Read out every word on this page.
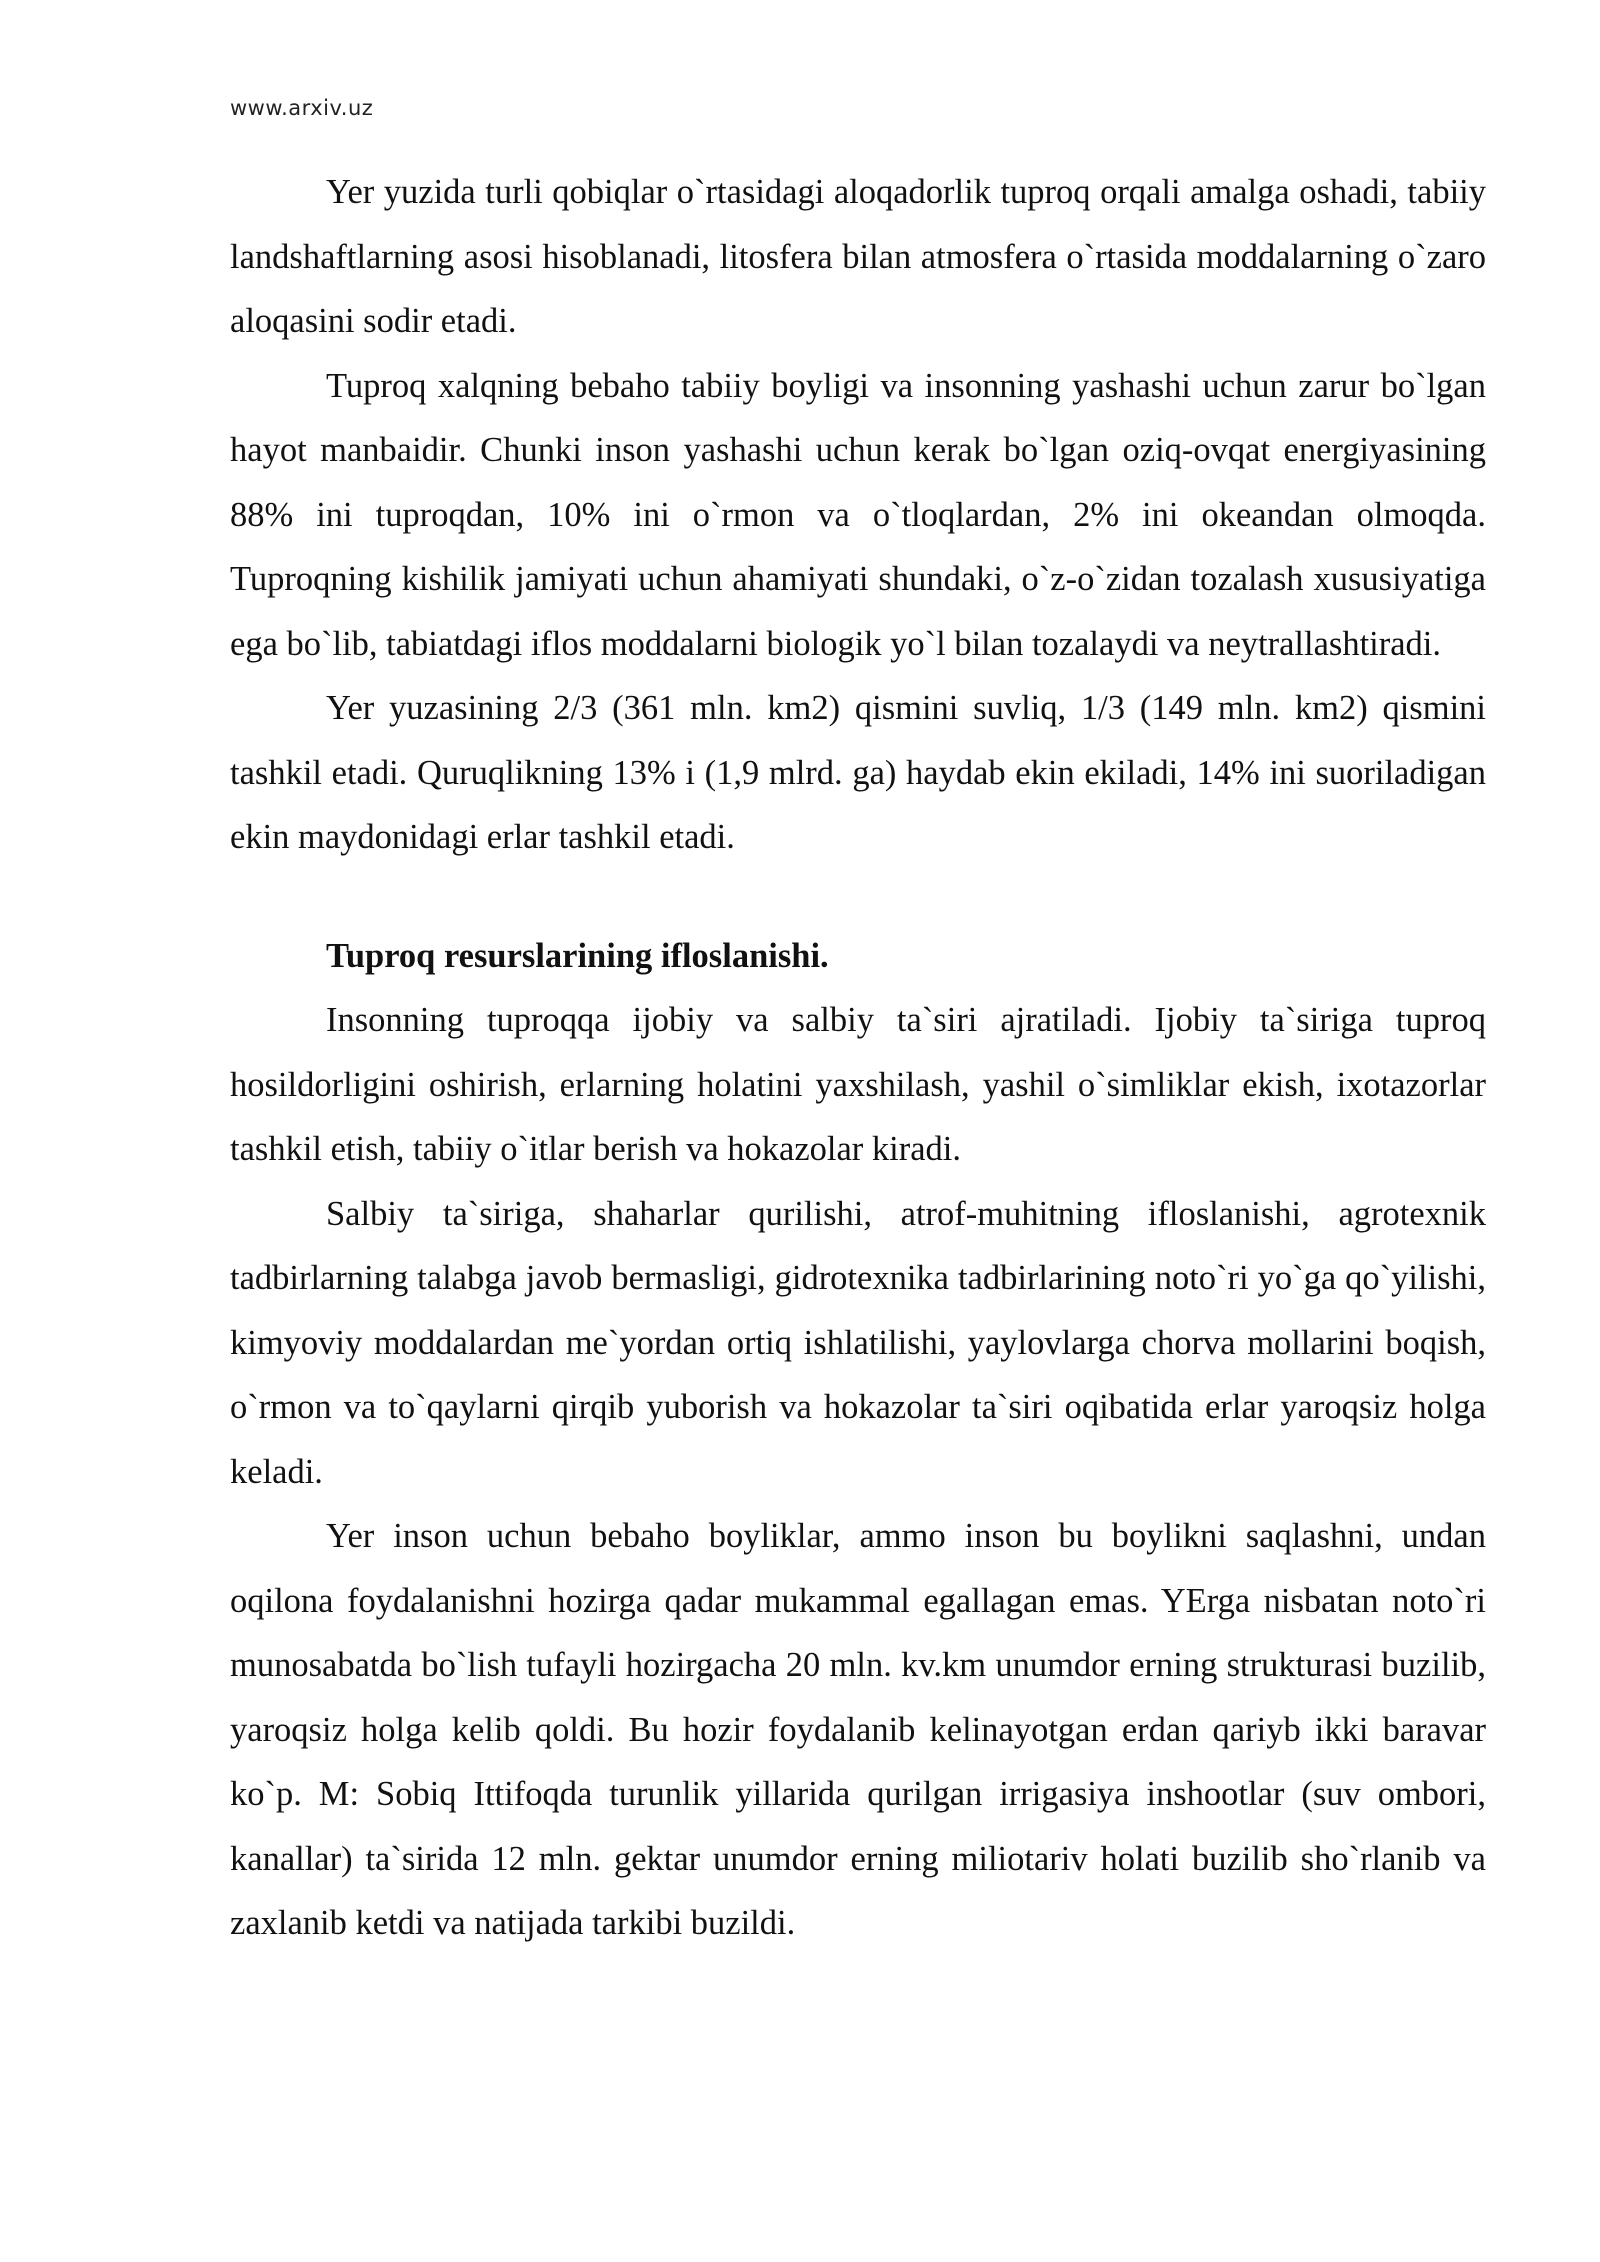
www.arxiv.uz

Yer yuzida turli qobiqlar o`rtasidagi aloqadorlik tuproq orqali amalga oshadi, tabiiy landshaftlarning asosi hisoblanadi, litosfera bilan atmosfera o`rtasida moddalarning o`zaro aloqasini sodir etadi.

Tuproq xalqning bebaho tabiiy boyligi va insonning yashashi uchun zarur bo`lgan hayot manbaidir. Chunki inson yashashi uchun kerak bo`lgan oziq-ovqat energiyasining 88% ini tuproqdan, 10% ini o`rmon va o`tloqlardan, 2% ini okeandan olmoqda. Tuproqning kishilik jamiyati uchun ahamiyati shundaki, o`z-o`zidan tozalash xususiyatiga ega bo`lib, tabiatdagi iflos moddalarni biologik yo`l bilan tozalaydi va neytrallashtiradi.

Yer yuzasining 2/3 (361 mln. km2) qismini suvliq, 1/3 (149 mln. km2) qismini tashkil etadi. Quruqlikning 13% i (1,9 mlrd. ga) haydab ekin ekiladi, 14% ini suoriladigan ekin maydonidagi erlar tashkil etadi.

Tuproq resurslarining ifloslanishi.

Insonning tuproqqa ijobiy va salbiy ta`siri ajratiladi. Ijobiy ta`siriga tuproq hosildorligini oshirish, erlarning holatini yaxshilash, yashil o`simliklar ekish, ixotazorlar tashkil etish, tabiiy o`itlar berish va hokazolar kiradi.

Salbiy ta`siriga, shaharlar qurilishi, atrof-muhitning ifloslanishi, agrotexnik tadbirlarning talabga javob bermasligi, gidrotexnika tadbirlarining noto`ri yo`ga qo`yilishi, kimyoviy moddalardan me`yordan ortiq ishlatilishi, yaylovlarga chorva mollarini boqish, o`rmon va to`qaylarni qirqib yuborish va hokazolar ta`siri oqibatida erlar yaroqsiz holga keladi.

Yer inson uchun bebaho boyliklar, ammo inson bu boylikni saqlashni, undan oqilona foydalanishni hozirga qadar mukammal egallagan emas. YErga nisbatan noto`ri munosabatda bo`lish tufayli hozirgacha 20 mln. kv.km unumdor erning strukturasi buzilib, yaroqsiz holga kelib qoldi. Bu hozir foydalanib kelinayotgan erdan qariyb ikki baravar ko`p. M: Sobiq Ittifoqda turunlik yillarida qurilgan irrigasiya inshootlar (suv ombori, kanallar) ta`sirida 12 mln. gektar unumdor erning miliotariv holati buzilib sho`rlanib va zaxlanib ketdi va natijada tarkibi buzildi.
